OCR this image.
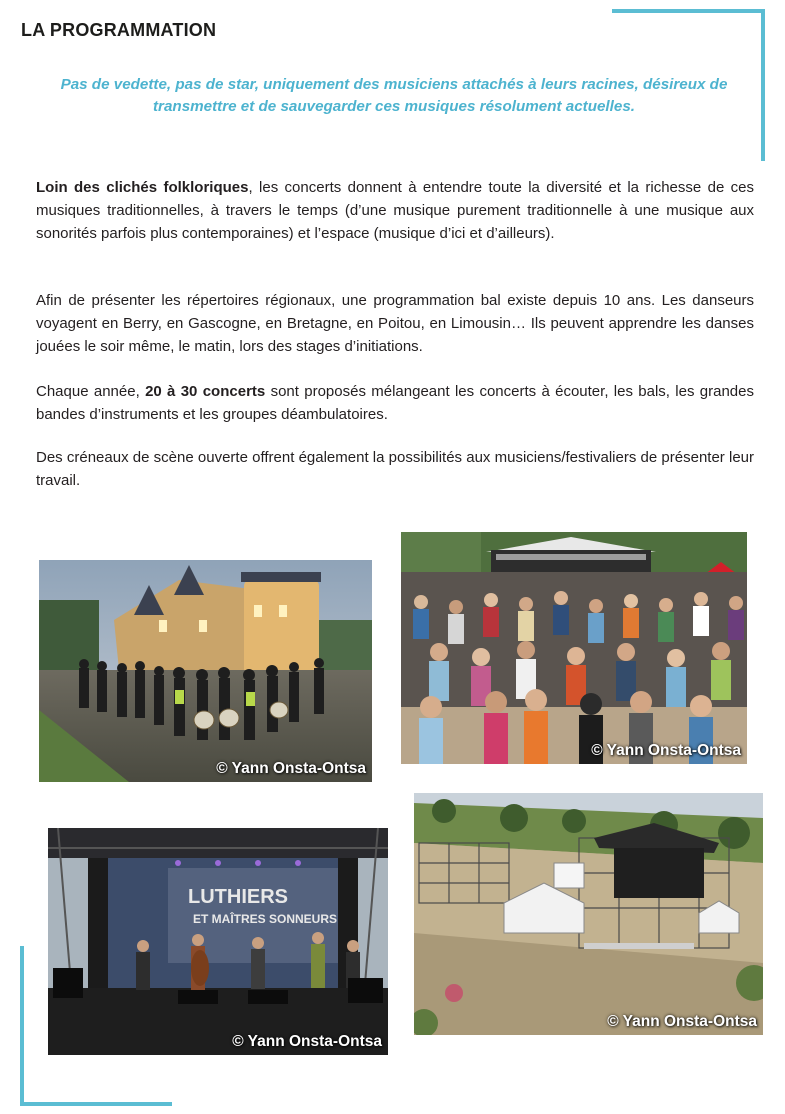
LA PROGRAMMATION

Pas de vedette, pas de star, uniquement des musiciens attachés à leurs racines, désireux de transmettre et de sauvegarder ces musiques résolument actuelles.

Loin des clichés folkloriques, les concerts donnent à entendre toute la diversité et la richesse de ces musiques traditionnelles, à travers le temps (d’une musique purement traditionnelle à une musique aux sonorités parfois plus contemporaines) et l’espace (musique d’ici et d’ailleurs).

Afin de présenter les répertoires régionaux, une programmation bal existe depuis 10 ans. Les danseurs voyagent en Berry, en Gascogne, en Bretagne, en Poitou, en Limousin… Ils peuvent apprendre les danses jouées le soir même, le matin, lors des stages d’initiations.

Chaque année, 20 à 30 concerts sont proposés mélangeant les concerts à écouter, les bals, les grandes bandes d’instruments et les groupes déambulatoires.

Des créneaux de scène ouverte offrent également la possibilités aux musiciens/festivaliers de présenter leur travail.

© Yann Onsta-Ontsa
© Yann Onsta-Ontsa
LUTHIERS
ET MAÎTRES SONNEURS
© Yann Onsta-Ontsa
© Yann Onsta-Ontsa
